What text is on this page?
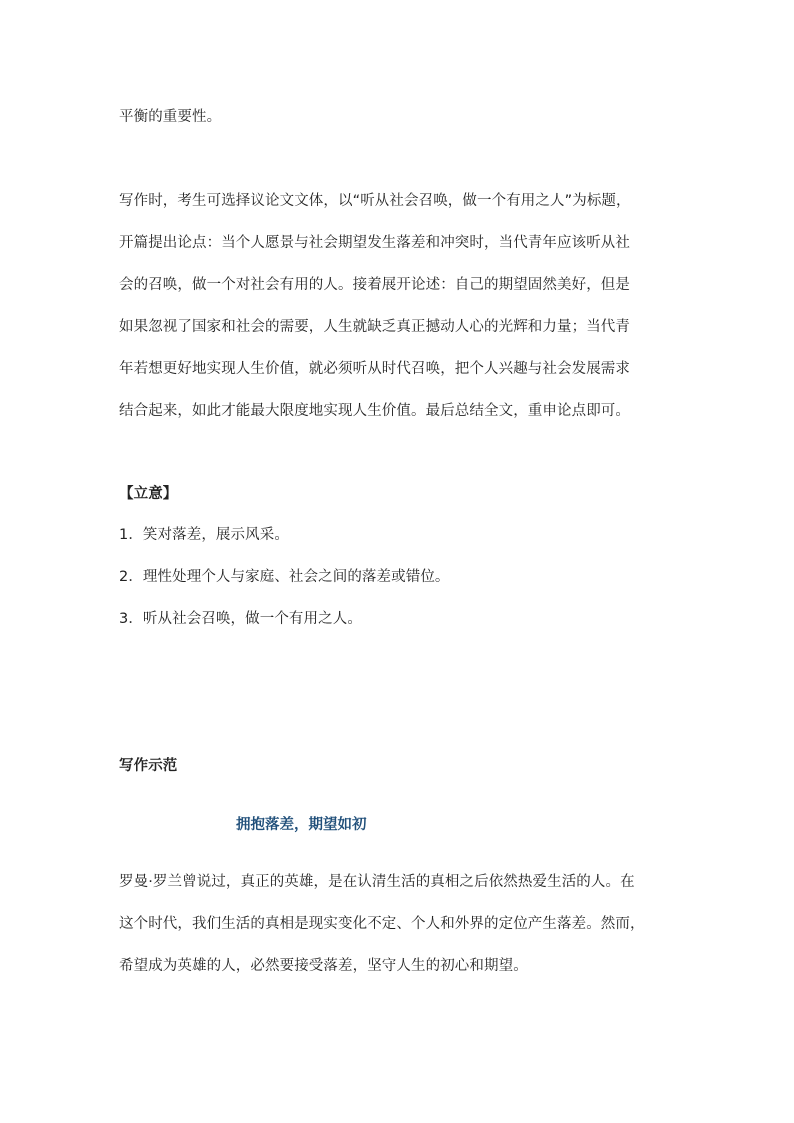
平衡的重要性。
写作时，考生可选择议论文文体，以“听从社会召唤，做一个有用之人”为标题，
开篇提出论点：当个人愿景与社会期望发生落差和冲突时，当代青年应该听从社
会的召唤，做一个对社会有用的人。接着展开论述：自己的期望固然美好，但是
如果忽视了国家和社会的需要，人生就缺乏真正撼动人心的光辉和力量；当代青
年若想更好地实现人生价值，就必须听从时代召唤，把个人兴趣与社会发展需求
结合起来，如此才能最大限度地实现人生价值。最后总结全文，重申论点即可。
【立意】
1．笑对落差，展示风采。
2．理性处理个人与家庭、社会之间的落差或错位。
3．听从社会召唤，做一个有用之人。
写作示范
拥抱落差，期望如初
罗曼·罗兰曾说过，真正的英雄，是在认清生活的真相之后依然热爱生活的人。在
这个时代，我们生活的真相是现实变化不定、个人和外界的定位产生落差。然而，
希望成为英雄的人，必然要接受落差，坚守人生的初心和期望。
